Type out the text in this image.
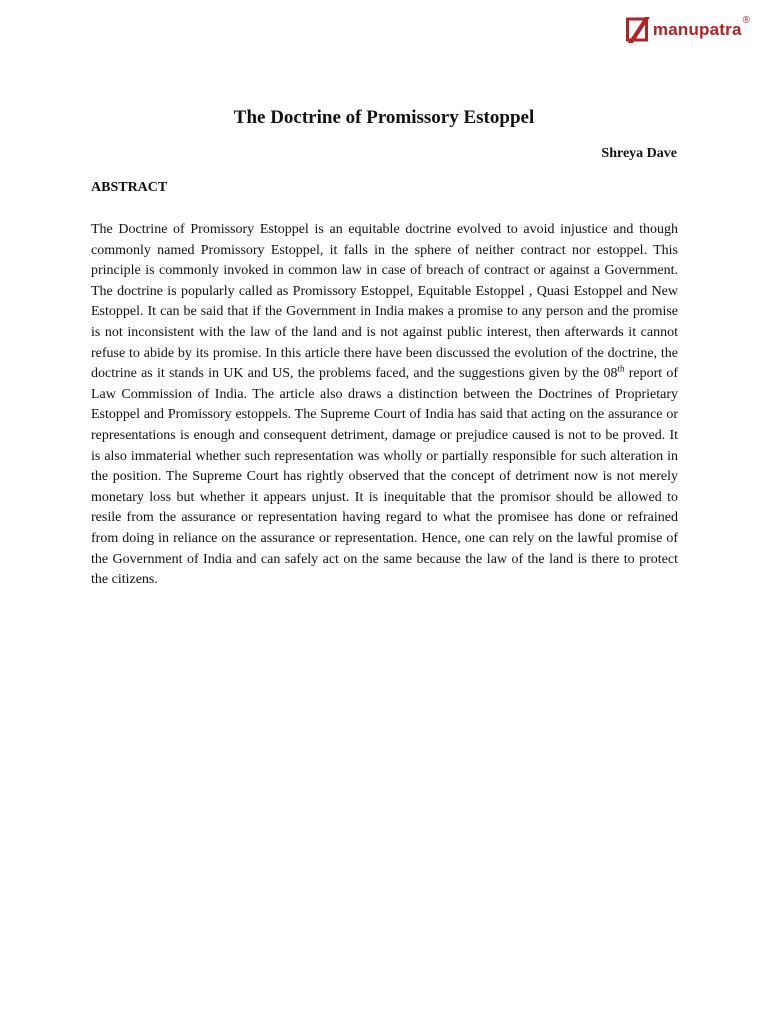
manupatra ®
The Doctrine of Promissory Estoppel
Shreya Dave
ABSTRACT

The Doctrine of Promissory Estoppel is an equitable doctrine evolved to avoid injustice and though commonly named Promissory Estoppel, it falls in the sphere of neither contract nor estoppel. This principle is commonly invoked in common law in case of breach of contract or against a Government. The doctrine is popularly called as Promissory Estoppel, Equitable Estoppel , Quasi Estoppel and New Estoppel. It can be said that if the Government in India makes a promise to any person and the promise is not inconsistent with the law of the land and is not against public interest, then afterwards it cannot refuse to abide by its promise. In this article there have been discussed the evolution of the doctrine, the doctrine as it stands in UK and US, the problems faced, and the suggestions given by the 08th report of Law Commission of India. The article also draws a distinction between the Doctrines of Proprietary Estoppel and Promissory estoppels. The Supreme Court of India has said that acting on the assurance or representations is enough and consequent detriment, damage or prejudice caused is not to be proved. It is also immaterial whether such representation was wholly or partially responsible for such alteration in the position. The Supreme Court has rightly observed that the concept of detriment now is not merely monetary loss but whether it appears unjust. It is inequitable that the promisor should be allowed to resile from the assurance or representation having regard to what the promisee has done or refrained from doing in reliance on the assurance or representation. Hence, one can rely on the lawful promise of the Government of India and can safely act on the same because the law of the land is there to protect the citizens.
